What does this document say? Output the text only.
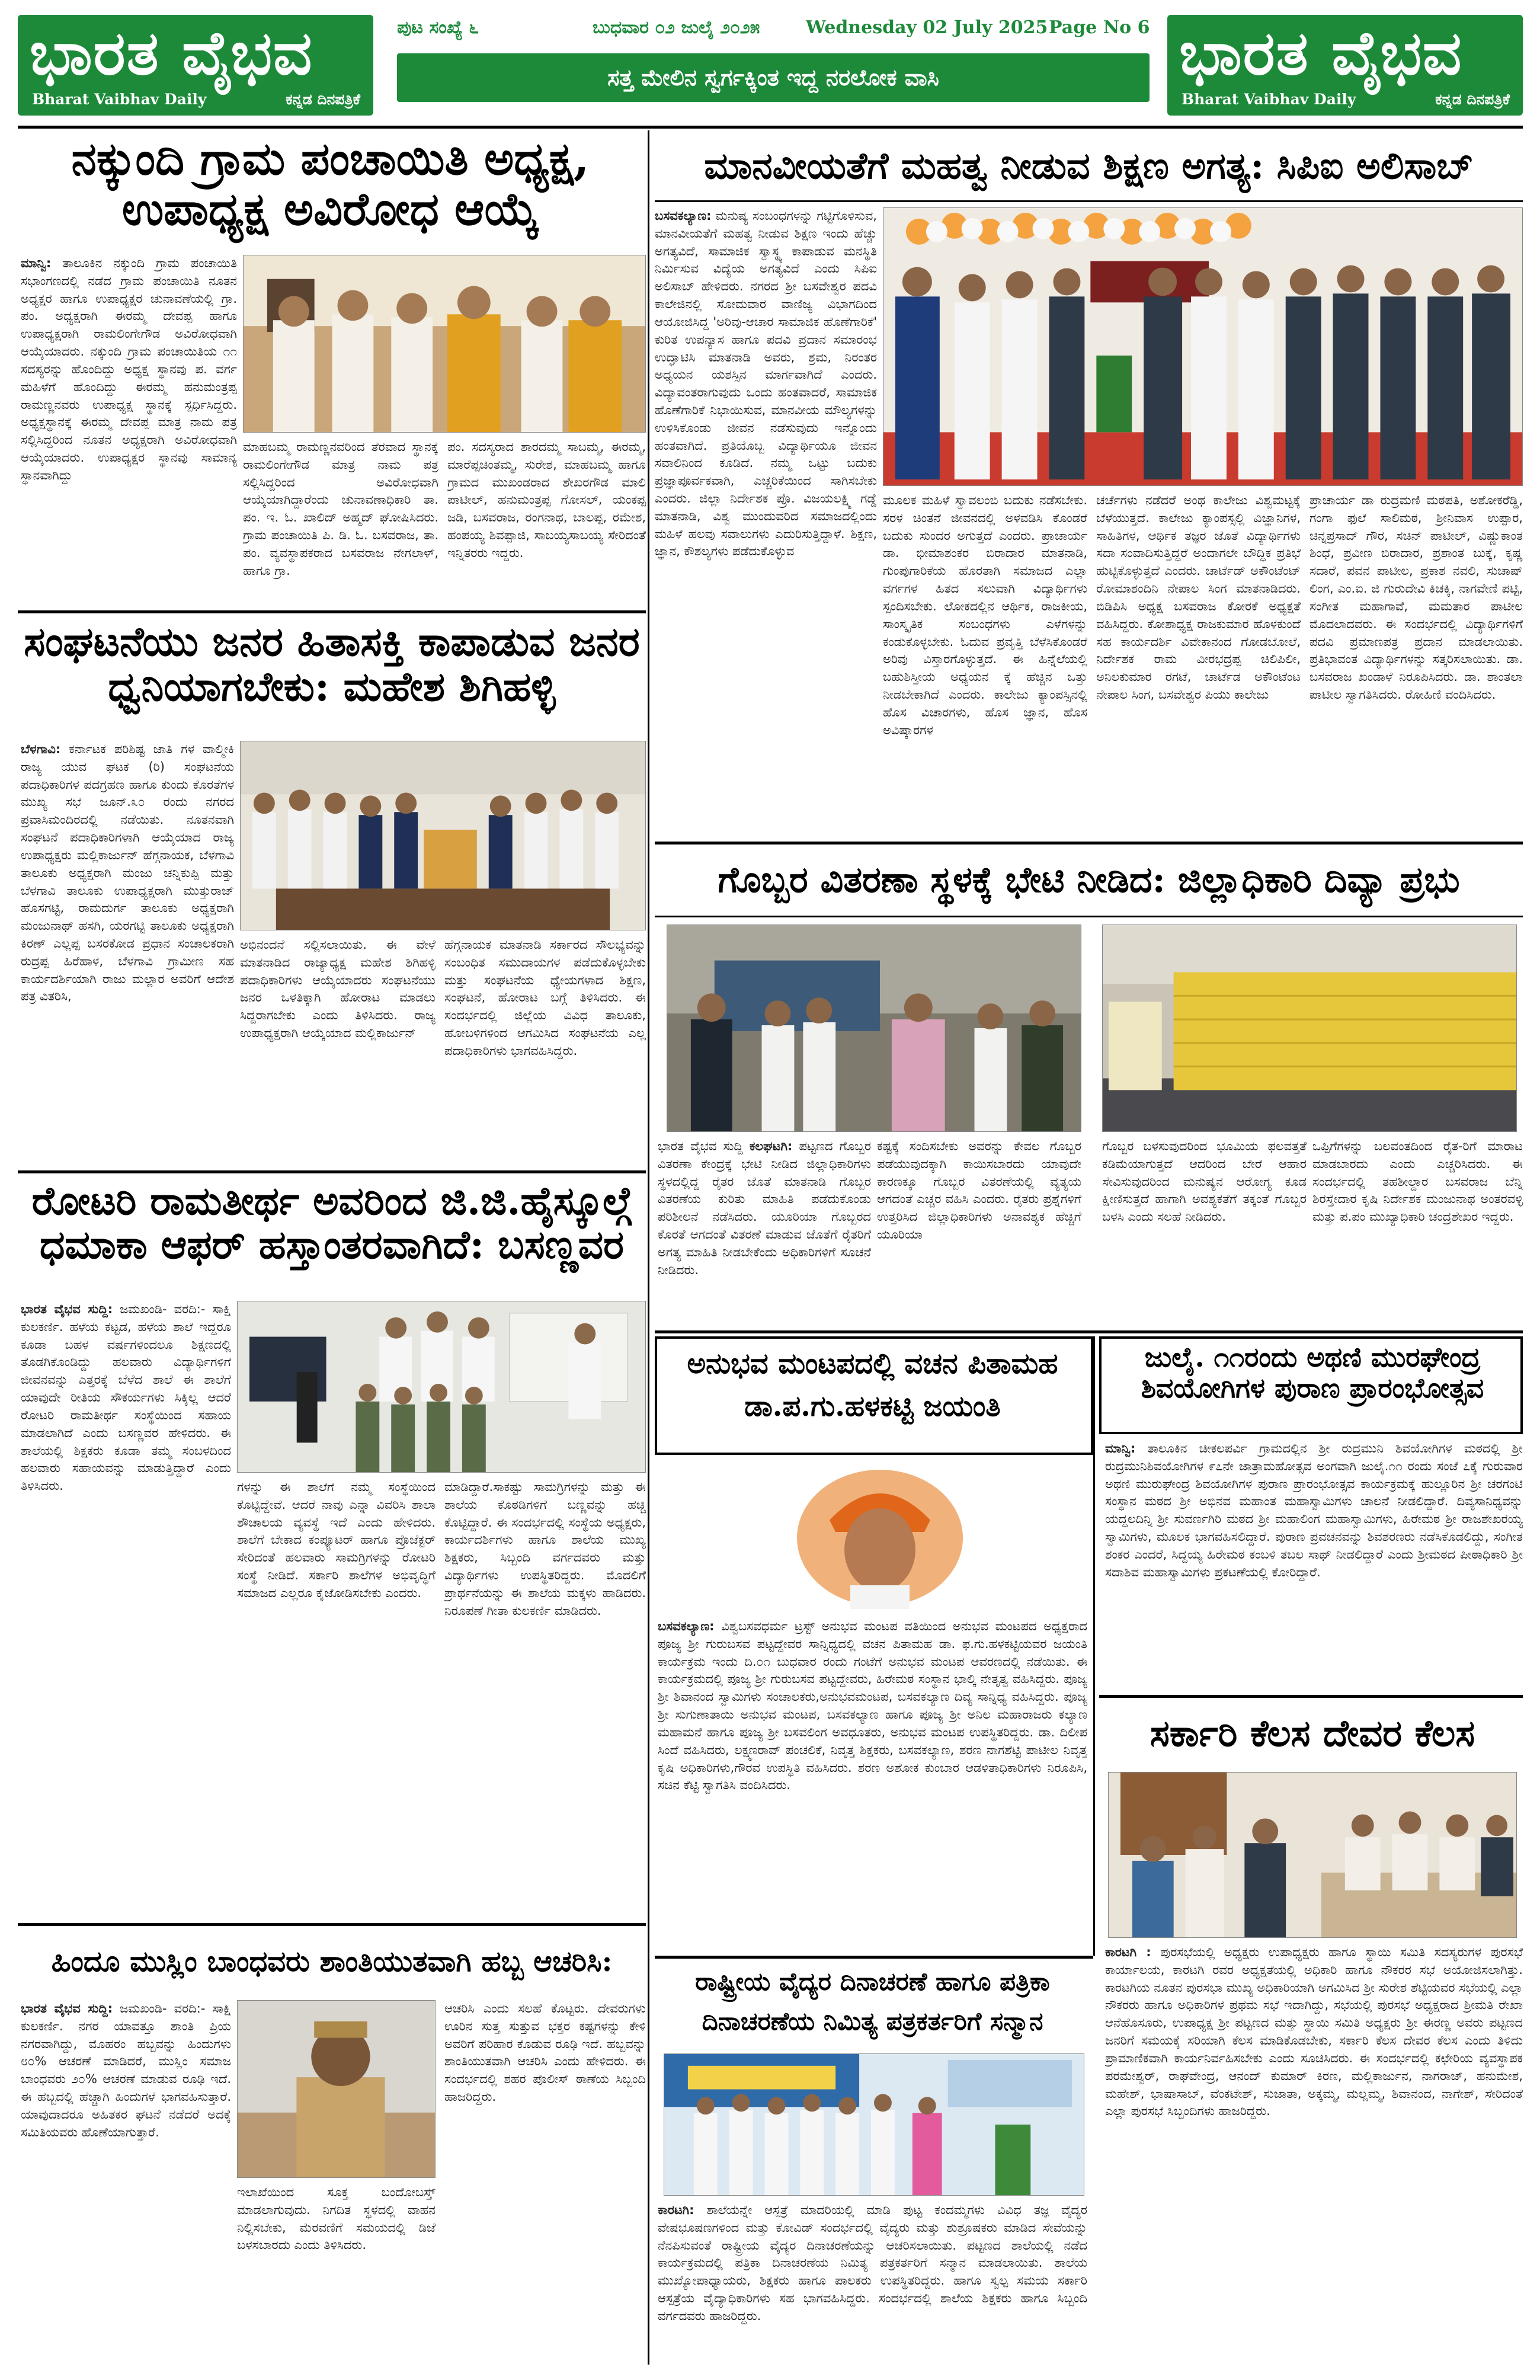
ಭಾರತ ವೈಭವ
Bharat Vaibhav Daily	ಕನ್ನಡ ದಿನಪತ್ರಿಕೆ
ಪುಟ ಸಂಖ್ಯೆ ೬	ಬುಧವಾರ ೦೨ ಜುಲೈ ೨೦೨೫	Wednesday 02 July 2025 Page No 6
ಸತ್ತ ಮೇಲಿನ ಸ್ವರ್ಗಕ್ಕಿಂತ ಇದ್ದ ನರಲೋಕ ವಾಸಿ	ಭಾರತ ವೈಭವ
Bharat Vaibhav Daily	ಕನ್ನಡ ದಿನಪತ್ರಿಕೆ
ನಕ್ಕುಂದಿ ಗ್ರಾಮ ಪಂಚಾಯಿತಿ ಅಧ್ಯಕ್ಷ, ಉಪಾಧ್ಯಕ್ಷ ಅವಿರೋಧ ಆಯ್ಕೆ
ಮಾನ್ವಿ: ತಾಲೂಕಿನ ನಕ್ಕುಂದಿ ಗ್ರಾಮ ಪಂಚಾಯಿತಿ ಸಭಾಂಗಣದಲ್ಲಿ ನಡೆದ ಗ್ರಾಮ ಪಂಚಾಯಿತಿ ನೂತನ ಅಧ್ಯಕ್ಷರ ಹಾಗೂ ಉಪಾಧ್ಯಕ್ಷರ ಚುನಾವಣೆಯಲ್ಲಿ ಗ್ರಾ. ಪಂ. ಅಧ್ಯಕ್ಷರಾಗಿ ಈರಮ್ಮ ದೇವಪ್ಪ ಹಾಗೂ ಉಪಾಧ್ಯಕ್ಷರಾಗಿ ರಾಮಲಿಂಗೇಗೌಡ ಅವಿರೋಧವಾಗಿ ಆಯ್ಕೆಯಾದರು. ನಕ್ಕುಂದಿ ಗ್ರಾಮ ಪಂಚಾಯಿತಿಯ ೧೧ ಸದಸ್ಯರನ್ನು ಹೊಂದಿದ್ದು ಅಧ್ಯಕ್ಷ ಸ್ಥಾನವು ಪ. ವರ್ಗ ಮಹಿಳೆಗೆ ಹೊಂದಿದ್ದು ಈರಮ್ಮ ಹನುಮಂತ್ರಪ್ಪ ರಾಮಣ್ಣನವರು ಉಪಾಧ್ಯಕ್ಷ ಸ್ಥಾನಕ್ಕೆ ಸ್ಪರ್ಧಿಸಿದ್ದರು. ಅಧ್ಯಕ್ಷಸ್ಥಾನಕ್ಕೆ ಈರಮ್ಮ ದೇವಪ್ಪ ಮಾತ್ರ ನಾಮ ಪತ್ರ ಸಲ್ಲಿಸಿದ್ದರಿಂದ ನೂತನ ಅಧ್ಯಕ್ಷರಾಗಿ ಅವಿರೋಧವಾಗಿ ಆಯ್ಕೆಯಾದರು. ಉಪಾಧ್ಯಕ್ಷರ ಸ್ಥಾನವು ಸಾಮಾನ್ಯ ಸ್ಥಾನವಾಗಿದ್ದು
ಮಾಹಬಮ್ಮ ರಾಮಣ್ಣನವರಿಂದ ತೆರವಾದ ಸ್ಥಾನಕ್ಕೆ ರಾಮಲಿಂಗೇಗೌಡ ಮಾತ್ರ ನಾಮ ಪತ್ರ ಸಲ್ಲಿಸಿದ್ದರಿಂದ ಅವಿರೋಧವಾಗಿ ಆಯ್ಕೆಯಾಗಿದ್ದಾರೆಂದು ಚುನಾವಣಾಧಿಕಾರಿ ತಾ. ಪಂ. ಇ. ಓ. ಖಾಲಿದ್ ಅಹ್ಮದ್ ಘೋಷಿಸಿದರು. ಗ್ರಾಮ ಪಂಚಾಯಿತಿ ಪಿ. ಡಿ. ಓ. ಬಸವರಾಜ, ತಾ. ಪಂ. ವ್ಯವಸ್ಥಾಪಕರಾದ ಬಸವರಾಜ ನೇಗಲಾಳ್, ಹಾಗೂ ಗ್ರಾ.
ಪಂ. ಸದಸ್ಯರಾದ ಶಾರದಮ್ಮ ಸಾಬಮ್ಮ, ಈರಮ್ಮ, ಮಾರೆಪ್ಪಚಿಂತಮ್ಮ, ಸುರೇಶ, ಮಾಹಬಮ್ಮ ಹಾಗೂ ಗ್ರಾಮದ ಮುಖಂಡರಾದ ಶೇಖರಗೌಡ ಮಾಲಿ ಪಾಟೀಲ್, ಹನುಮಂತ್ರಪ್ಪ ಗೋಸಲ್, ಯಂಕಪ್ಪ ಜಡಿ, ಬಸವರಾಜ, ರಂಗನಾಥ, ಬಾಲಪ್ಪ, ರಮೇಶ, ಹಂಪಯ್ಯ ಶಿವಪ್ಪಾಜಿ, ಸಾಬಯ್ಯಸಾಬಯ್ಯ ಸೇರಿದಂತೆ ಇನ್ನಿತರರು ಇದ್ದರು.
ಸಂಘಟನೆಯು ಜನರ ಹಿತಾಸಕ್ತಿ ಕಾಪಾಡುವ ಜನರ ಧ್ವನಿಯಾಗಬೇಕು: ಮಹೇಶ ಶಿಗಿಹಳ್ಳಿ
ಬೆಳಗಾವಿ: ಕರ್ನಾಟಕ ಪರಿಶಿಷ್ಟ ಜಾತಿ ಗಳ ವಾಲ್ಮೀಕಿ ರಾಜ್ಯ ಯುವ ಘಟಕ (ರಿ) ಸಂಘಟನೆಯ ಪದಾಧಿಕಾರಿಗಳ ಪದಗ್ರಹಣ ಹಾಗೂ ಕುಂದು ಕೊರತೆಗಳ ಮುಖ್ಯ ಸಭೆ ಜೂನ್.೩೦ ರಂದು ನಗರದ ಪ್ರವಾಸಿಮಂದಿರದಲ್ಲಿ ನಡೆಯಿತು. ನೂತನವಾಗಿ ಸಂಘಟನೆ ಪದಾಧಿಕಾರಿಗಳಾಗಿ ಆಯ್ಕೆಯಾದ ರಾಜ್ಯ ಉಪಾಧ್ಯಕ್ಷರು ಮಲ್ಲಿಕಾರ್ಜುನ್ ಹೆಗ್ಗನಾಯಕ, ಬೆಳಗಾವಿ ತಾಲೂಕು ಅಧ್ಯಕ್ಷರಾಗಿ ಮಂಜು ಚನ್ನಿಕುಪ್ಪಿ ಮತ್ತು ಬೆಳಗಾವಿ ತಾಲೂಕು ಉಪಾಧ್ಯಕ್ಷರಾಗಿ ಮುತ್ತುರಾಜ್ ಹೊಸಗಟ್ಟಿ, ರಾಮದುರ್ಗ ತಾಲೂಕು ಅಧ್ಯಕ್ಷರಾಗಿ ಮಂಜುನಾಥ್ ಹಸಗಿ, ಯರಗಟ್ಟಿ ತಾಲೂಕು ಅಧ್ಯಕ್ಷರಾಗಿ ಕಿರಣ್ ಎಲ್ಲಪ್ಪ ಬಸರಕೋಡ ಪ್ರಧಾನ ಸಂಚಾಲಕರಾಗಿ ರುದ್ರಪ್ಪ ಹಿರೆಹಾಳ, ಬೆಳಗಾವಿ ಗ್ರಾಮೀಣ ಸಹ ಕಾರ್ಯದರ್ಶಿಯಾಗಿ ರಾಜು ಮಲ್ಲಾರ ಅವರಿಗೆ ಆದೇಶ ಪತ್ರ ವಿತರಿಸಿ,
ಅಭಿನಂದನೆ ಸಲ್ಲಿಸಲಾಯಿತು. ಈ ವೇಳೆ ಮಾತನಾಡಿದ ರಾಜ್ಯಾಧ್ಯಕ್ಷ ಮಹೇಶ ಶಿಗಿಹಳ್ಳಿ ಪದಾಧಿಕಾರಿಗಳು ಆಯ್ಕೆಯಾದರು ಸಂಘಟನೆಯು ಜನರ ಒಳತಿಕ್ಕಾಗಿ ಹೋರಾಟ ಮಾಡಲು ಸಿದ್ದರಾಗಬೇಕು ಎಂದು ತಿಳಿಸಿದರು. ರಾಜ್ಯ ಉಪಾಧ್ಯಕ್ಷರಾಗಿ ಆಯ್ಕೆಯಾದ ಮಲ್ಲಿಕಾರ್ಜುನ್
ಹೆಗ್ಗನಾಯಕ ಮಾತನಾಡಿ ಸರ್ಕಾರದ ಸೌಲಭ್ಯವನ್ನು ಸಂಬಂಧಿತ ಸಮುದಾಯಗಳ ಪಡೆದುಕೊಳ್ಳಬೇಕು ಮತ್ತು ಸಂಘಟನೆಯ ಧ್ಯೇಯಗಳಾದ ಶಿಕ್ಷಣ, ಸಂಘಟನೆ, ಹೋರಾಟ ಬಗ್ಗೆ ತಿಳಿಸಿದರು. ಈ ಸಂದರ್ಭದಲ್ಲಿ ಜಿಲ್ಲೆಯ ವಿವಿಧ ತಾಲೂಕು, ಹೋಬಳಿಗಳಿಂದ ಆಗಮಿಸಿದ ಸಂಘಟನೆಯ ಎಲ್ಲ ಪದಾಧಿಕಾರಿಗಳು ಭಾಗವಹಿಸಿದ್ದರು.
ರೋಟರಿ ರಾಮತೀರ್ಥ ಅವರಿಂದ ಜಿ.ಜಿ.ಹೈಸ್ಕೂಲ್ಗೆ ಧಮಾಕಾ ಆಫರ್ ಹಸ್ತಾಂತರವಾಗಿದೆ: ಬಸಣ್ಣವರ
ಭಾರತ ವೈಭವ ಸುದ್ದಿ: ಜಮಖಂಡಿ- ವರದಿ:- ಸಾಕ್ಷಿ ಕುಲಕರ್ಣಿ. ಹಳೆಯ ಕಟ್ಟಡ, ಹಳೆಯ ಶಾಲೆ ಇದ್ದರೂ ಕೂಡಾ ಬಹಳ ವರ್ಷಗಳಿಂದಲೂ ಶಿಕ್ಷಣದಲ್ಲಿ ತೊಡಗಿಕೊಂಡಿದ್ದು ಹಲವಾರು ವಿದ್ಯಾರ್ಥಿಗಳಿಗೆ ಜೀವನವನ್ನು ಎತ್ತರಕ್ಕೆ ಬೆಳೆದ ಶಾಲೆ ಈ ಶಾಲೆಗೆ ಯಾವುದೇ ರೀತಿಯ ಸೌಕರ್ಯಗಳು ಸಿಕ್ಕಿಲ್ಲ ಆದರೆ ರೋಟರಿ ರಾಮತೀರ್ಥ ಸಂಸ್ಥೆಯಿಂದ ಸಹಾಯ ಮಾಡಲಾಗಿದೆ ಎಂದು ಬಸಣ್ಣವರ ಹೇಳಿದರು. ಈ ಶಾಲೆಯಲ್ಲಿ ಶಿಕ್ಷಕರು ಕೂಡಾ ತಮ್ಮ ಸಂಬಳದಿಂದ ಹಲವಾರು ಸಹಾಯವನ್ನು ಮಾಡುತ್ತಿದ್ದಾರೆ ಎಂದು ತಿಳಿಸಿದರು.	ಗಳನ್ನು ಈ ಶಾಲೆಗೆ ನಮ್ಮ ಸಂಸ್ಥೆಯಿಂದ ಕೊಟ್ಟಿದ್ದೇವೆ. ಆದರೆ ನಾವು ಎನ್ನಾ ವಿವರಿಸಿ ಶಾಲಾ ಶೌಚಾಲಯ ವ್ಯವಸ್ಥೆ ಇದೆ ಎಂದು ಹೇಳಿದರು. ಶಾಲೆಗೆ ಬೇಕಾದ ಕಂಪ್ಯೂಟರ್ ಹಾಗೂ ಪ್ರೊಜೆಕ್ಟರ್ ಸೇರಿದಂತೆ ಹಲವಾರು ಸಾಮಗ್ರಿಗಳನ್ನು ರೋಟರಿ ಸಂಸ್ಥೆ ನೀಡಿದೆ. ಸರ್ಕಾರಿ ಶಾಲೆಗಳ ಅಭಿವೃದ್ಧಿಗೆ ಸಮಾಜದ ಎಲ್ಲರೂ ಕೈಜೋಡಿಸಬೇಕು ಎಂದರು.
ಮಾಡಿದ್ದಾರೆ.ಸಾಕಷ್ಟು ಸಾಮಗ್ರಿಗಳನ್ನು ಮತ್ತು ಈ ಶಾಲೆಯ ಕೊಠಡಿಗಳಿಗೆ ಬಣ್ಣವನ್ನು ಹಚ್ಚಿ ಕೊಟ್ಟಿದ್ದಾರೆ. ಈ ಸಂದರ್ಭದಲ್ಲಿ ಸಂಸ್ಥೆಯ ಅಧ್ಯಕ್ಷರು, ಕಾರ್ಯದರ್ಶಿಗಳು ಹಾಗೂ ಶಾಲೆಯ ಮುಖ್ಯ ಶಿಕ್ಷಕರು, ಸಿಬ್ಬಂದಿ ವರ್ಗದವರು ಮತ್ತು ವಿದ್ಯಾರ್ಥಿಗಳು ಉಪಸ್ಥಿತರಿದ್ದರು. ಮೊದಲಿಗೆ ಪ್ರಾರ್ಥನೆಯನ್ನು ಈ ಶಾಲೆಯ ಮಕ್ಕಳು ಹಾಡಿದರು. ನಿರೂಪಣೆ ಗೀತಾ ಕುಲಕರ್ಣಿ ಮಾಡಿದರು.
ಹಿಂದೂ ಮುಸ್ಲಿಂ ಬಾಂಧವರು ಶಾಂತಿಯುತವಾಗಿ ಹಬ್ಬ ಆಚರಿಸಿ:
ಭಾರತ ವೈಭವ ಸುದ್ದಿ: ಜಮಖಂಡಿ- ವರದಿ:- ಸಾಕ್ಷಿ ಕುಲಕರ್ಣಿ. ನಗರ ಯಾವತ್ತೂ ಶಾಂತಿ ಪ್ರಿಯ ನಗರವಾಗಿದ್ದು, ಮೊಹರಂ ಹಬ್ಬವನ್ನು ಹಿಂದುಗಳು ೮೦% ಆಚರಣೆ ಮಾಡಿದರೆ, ಮುಸ್ಲಿಂ ಸಮಾಜ ಬಾಂಧವರು ೨೦% ಆಚರಣೆ ಮಾಡುವ ರೂಢಿ ಇದೆ. ಈ ಹಬ್ಬದಲ್ಲಿ ಹೆಚ್ಚಾಗಿ ಹಿಂದುಗಳೆ ಭಾಗವಹಿಸುತ್ತಾರೆ. ಯಾವುದಾದರೂ ಅಹಿತಕರ ಘಟನೆ ನಡೆದರೆ ಅದಕ್ಕೆ ಸಮಿತಿಯವರು ಹೊಣೆಯಾಗುತ್ತಾರೆ.
ಇಲಾಖೆಯಿಂದ ಸೂಕ್ತ ಬಂದೋಬಸ್ತ್ ಮಾಡಲಾಗುವುದು. ನಿಗದಿತ ಸ್ಥಳದಲ್ಲಿ ವಾಹನ ನಿಲ್ಲಿಸಬೇಕು, ಮೆರವಣಿಗೆ ಸಮಯದಲ್ಲಿ ಡಿಜೆ ಬಳಸಬಾರದು ಎಂದು ತಿಳಿಸಿದರು.
ಆಚರಿಸಿ ಎಂದು ಸಲಹೆ ಕೊಟ್ಟರು. ದೇವರುಗಳು ಊರಿನ ಸುತ್ತ ಸುತ್ತುವ ಭಕ್ತರ ಕಷ್ಟಗಳನ್ನು ಕೇಳಿ ಅವರಿಗೆ ಪರಿಹಾರ ಕೊಡುವ ರೂಢಿ ಇದೆ. ಹಬ್ಬವನ್ನು ಶಾಂತಿಯುತವಾಗಿ ಆಚರಿಸಿ ಎಂದು ಹೇಳಿದರು. ಈ ಸಂದರ್ಭದಲ್ಲಿ ಶಹರ ಪೊಲೀಸ್ ಠಾಣೆಯ ಸಿಬ್ಬಂದಿ ಹಾಜರಿದ್ದರು.
ಮಾನವೀಯತೆಗೆ ಮಹತ್ವ ನೀಡುವ ಶಿಕ್ಷಣ ಅಗತ್ಯ: ಸಿಪಿಐ ಅಲಿಸಾಬ್
ಬಸವಕಲ್ಯಾಣ: ಮನುಷ್ಯ ಸಂಬಂಧಗಳನ್ನು ಗಟ್ಟಿಗೊಳಿಸುವ, ಮಾನವೀಯತೆಗೆ ಮಹತ್ವ ನೀಡುವ ಶಿಕ್ಷಣ ಇಂದು ಹೆಚ್ಚು ಅಗತ್ಯವಿದೆ, ಸಾಮಾಜಿಕ ಸ್ವಾಸ್ಥ್ಯ ಕಾಪಾಡುವ ಮನಸ್ಥಿತಿ ನಿರ್ಮಿಸುವ ವಿದ್ಯೆಯ ಅಗತ್ಯವಿದೆ ಎಂದು ಸಿಪಿಐ ಅಲಿಸಾಬ್ ಹೇಳಿದರು. ನಗರದ ಶ್ರೀ ಬಸವೇಶ್ವರ ಪದವಿ ಕಾಲೇಜಿನಲ್ಲಿ ಸೋಮವಾರ ವಾಣಿಜ್ಯ ವಿಭಾಗದಿಂದ ಆಯೋಜಿಸಿದ್ದ 'ಅರಿವು-ಆಚಾರ ಸಾಮಾಜಿಕ ಹೊಣೆಗಾರಿಕೆ' ಕುರಿತ ಉಪನ್ಯಾಸ ಹಾಗೂ ಪದವಿ ಪ್ರದಾನ ಸಮಾರಂಭ ಉದ್ಘಾಟಿಸಿ ಮಾತನಾಡಿ ಅವರು, ಶ್ರಮ, ನಿರಂತರ ಅಧ್ಯಯನ ಯಶಸ್ಸಿನ ಮಾರ್ಗವಾಗಿದೆ ಎಂದರು. ವಿದ್ಯಾವಂತರಾಗುವುದು ಒಂದು ಹಂತವಾದರೆ, ಸಾಮಾಜಿಕ ಹೊಣೆಗಾರಿಕೆ ನಿಭಾಯಿಸುವ, ಮಾನವೀಯ ಮೌಲ್ಯಗಳನ್ನು ಉಳಿಸಿಕೊಂಡು ಜೀವನ ನಡೆಸುವುದು ಇನ್ನೊಂದು ಹಂತವಾಗಿದೆ. ಪ್ರತಿಯೊಬ್ಬ ವಿದ್ಯಾರ್ಥಿಯೂ ಜೀವನ ಸವಾಲಿನಿಂದ ಕೂಡಿದೆ. ನಮ್ಮ ಒಟ್ಟು ಬದುಕು ಪ್ರಜ್ಞಾಪೂರ್ವಕವಾಗಿ, ಎಚ್ಚರಿಕೆಯಿಂದ ಸಾಗಿಸಬೇಕು ಎಂದರು. ಜಿಲ್ಲಾ ನಿರ್ದೇಶಕ ಪ್ರೊ. ವಿಜಯಲಕ್ಷ್ಮಿ ಗಡ್ಡೆ ಮಾತನಾಡಿ, ವಿಶ್ವ ಮುಂದುವರಿದ ಸಮಾಜದಲ್ಲಿಂದು ಮಹಿಳೆ ಹಲವು ಸವಾಲುಗಳು ಎದುರಿಸುತ್ತಿದ್ದಾಳೆ. ಶಿಕ್ಷಣ, ಜ್ಞಾನ, ಕೌಶಲ್ಯಗಳು ಪಡೆದುಕೊಳ್ಳುವ
ಮೂಲಕ ಮಹಿಳೆ ಸ್ವಾವಲಂಬಿ ಬದುಕು ನಡೆಸಬೇಕು. ಸರಳ ಚಿಂತನೆ ಜೀವನದಲ್ಲಿ ಅಳವಡಿಸಿ ಕೊಂಡರೆ ಬದುಕು ಸುಂದರ ಅಗುತ್ತದೆ ಎಂದರು. ಪ್ರಾಚಾರ್ಯ ಡಾ. ಭೀಮಾಶಂಕರ ಬಿರಾದಾರ ಮಾತನಾಡಿ, ಗುಂಪುಗಾರಿಕೆಯ ಹೊರತಾಗಿ ಸಮಾಜದ ಎಲ್ಲಾ ವರ್ಗಗಳ ಹಿತದ ಸಲುವಾಗಿ ವಿದ್ಯಾರ್ಥಿಗಳು ಸ್ಪಂದಿಸಬೇಕು. ಲೋಕದಲ್ಲಿನ ಆರ್ಥಿಕ, ರಾಜಕೀಯ, ಸಾಂಸ್ಕೃತಿಕ ಸಂಬಂಧಗಳು ಎಳೆಗಳನ್ನು ಕಂಡುಕೊಳ್ಳಬೇಕು. ಓದುವ ಪ್ರವೃತ್ತಿ ಬೆಳೆಸಿಕೊಂಡರೆ ಅರಿವು ವಿಸ್ತಾರಗೊಳ್ಳುತ್ತದೆ. ಈ ಹಿನ್ನೆಲೆಯಲ್ಲಿ ಬಹುಶಿಸ್ತೀಯ ಅಧ್ಯಯನ ಕ್ಕೆ ಹೆಚ್ಚಿನ ಒತ್ತು ನೀಡಬೇಕಾಗಿದೆ ಎಂದರು. ಕಾಲೇಜು ಕ್ಯಾಂಪಸ್ಸಿನಲ್ಲಿ ಹೊಸ ವಿಚಾರಗಳು, ಹೊಸ ಜ್ಞಾನ, ಹೊಸ ಅವಿಷ್ಕಾರಗಳ
ಚರ್ಚೆಗಳು ನಡೆದರೆ ಅಂಥ ಕಾಲೇಜು ವಿಶ್ವಮಟ್ಟಕ್ಕೆ ಬೆಳೆಯುತ್ತದೆ. ಕಾಲೇಜು ಕ್ಯಾಂಪಸ್ಸಲ್ಲಿ ವಿಜ್ಞಾನಿಗಳ, ಸಾಹಿತಿಗಳ, ಆರ್ಥಿಕ ತಜ್ಞರ ಜೊತೆ ವಿದ್ಯಾರ್ಥಿಗಳು ಸದಾ ಸಂವಾದಿಸುತ್ತಿದ್ದರೆ ಅಂದಾಗಲೇ ಬೌದ್ಧಿಕ ಪ್ರತಿಭೆ ಹುಟ್ಟಿಕೊಳ್ಳುತ್ತದೆ ಎಂದರು. ಚಾರ್ಟೆಡ್ ಅಕೌಂಟೆಂಟ್ ರೋಮಾಶಂದಿನಿ ನೇಪಾಲ ಸಿಂಗ ಮಾತನಾಡಿದರು. ಬಿಡಿಪಿಸಿ ಅಧ್ಯಕ್ಷ ಬಸವರಾಜ ಕೋರಕೆ ಅಧ್ಯಕ್ಷತೆ ವಹಿಸಿದ್ದರು. ಕೋಶಾಧ್ಯಕ್ಷ ರಾಜಕುಮಾರ ಹೊಳಕುಂದೆ ಸಹ ಕಾರ್ಯದರ್ಶಿ ವಿವೇಕಾನಂದ ಗೋಡಬೋಲೆ, ನಿರ್ದೇಶಕ ರಾಮ ವೀರಭದ್ರಪ್ಪ ಚಿಲಿಪಿಲೀ, ಅನಿಲಕುಮಾರ ರಗಟೆ, ಚಾರ್ಟೆಡ ಅಕೌಂಟೆಂಟ ನೇಪಾಲ ಸಿಂಗ, ಬಸವೇಶ್ವರ ಪಿಯು ಕಾಲೇಜು
ಪ್ರಾಚಾರ್ಯ ಡಾ ರುದ್ರಮಣಿ ಮಠಪತಿ, ಅಶೋಕರೆಡ್ಡಿ, ಗಂಗಾ ಫುಲೆ ಸಾಲಿಮಠ, ಶ್ರೀನಿವಾಸ ಉಪ್ಪಾರ, ಚಿನ್ನಪ್ರಸಾದ್ ಗೌರ, ಸಚಿನ್ ಪಾಟೀಲ್, ವಿಷ್ಣುಕಾಂತ ಶಿಂಧೆ, ಪ್ರವೀಣ ಬಿರಾದಾರ, ಪ್ರಶಾಂತ ಬುಕ್ಕೆ, ಕೃಷ್ಣ ಸದಾರೆ, ಪವನ ಪಾಟೀಲ, ಪ್ರಕಾಶ ನವಲಿ, ಸುಚಾಷ್ ಲಿಂಗ, ಎಂ.ಐ. ಜಿ ಗುರುದೇವಿ ಕಿಚಕ್ಕಿ, ನಾಗವೇಣಿ ಪಟ್ಟಿ, ಸಂಗೀತ ಮಹಾಗಾವೆ, ಮಮತಾರ ಪಾಟೀಲ ಮೊದಲಾದವರು. ಈ ಸಂದರ್ಭದಲ್ಲಿ ವಿದ್ಯಾರ್ಥಿಗಳಿಗೆ ಪದವಿ ಪ್ರಮಾಣಪತ್ರ ಪ್ರದಾನ ಮಾಡಲಾಯಿತು. ಪ್ರತಿಭಾವಂತ ವಿದ್ಯಾರ್ಥಿಗಳನ್ನು ಸತ್ಕರಿಸಲಾಯಿತು. ಡಾ. ಬಸವರಾಜ ಖಂಡಾಳೆ ನಿರೂಪಿಸಿದರು. ಡಾ. ಶಾಂತಲಾ ಪಾಟೀಲ ಸ್ವಾಗತಿಸಿದರು. ರೋಹಿಣಿ ವಂದಿಸಿದರು.
ಗೊಬ್ಬರ ವಿತರಣಾ ಸ್ಥಳಕ್ಕೆ ಭೇಟಿ ನೀಡಿದ: ಜಿಲ್ಲಾಧಿಕಾರಿ ದಿವ್ಯಾ ಪ್ರಭು
ಭಾರತ ವೈಭವ ಸುದ್ದಿ ಕಲಘಟಗಿ: ಪಟ್ಟಣದ ಗೊಬ್ಬರ ವಿತರಣಾ ಕೇಂದ್ರಕ್ಕೆ ಭೇಟಿ ನೀಡಿದ ಜಿಲ್ಲಾಧಿಕಾರಿಗಳು ಸ್ಥಳದಲ್ಲಿದ್ದ ರೈತರ ಜೊತೆ ಮಾತನಾಡಿ ಗೊಬ್ಬರ ವಿತರಣೆಯ ಕುರಿತು ಮಾಹಿತಿ ಪಡೆದುಕೊಂಡು ಪರಿಶೀಲನೆ ನಡೆಸಿದರು. ಯೂರಿಯಾ ಗೊಬ್ಬರದ ಕೊರತೆ ಆಗದಂತೆ ವಿತರಣೆ ಮಾಡುವ ಜೊತೆಗೆ ರೈತರಿಗೆ ಅಗತ್ಯ ಮಾಹಿತಿ ನೀಡಬೇಕೆಂದು ಅಧಿಕಾರಿಗಳಿಗೆ ಸೂಚನೆ ನೀಡಿದರು.
ಕಷ್ಟಕ್ಕೆ ಸಂದಿಸಬೇಕು ಅವರನ್ನು ಕೇವಲ ಗೊಬ್ಬರ ಪಡೆಯುವುದಕ್ಕಾಗಿ ಕಾಯಿಸಬಾರದು ಯಾವುದೇ ಕಾರಣಕ್ಕೂ ಗೊಬ್ಬರ ವಿತರಣೆಯಲ್ಲಿ ವ್ಯತ್ಯಯ ಆಗದಂತೆ ಎಚ್ಚರ ವಹಿಸಿ ಎಂದರು. ರೈತರು ಪ್ರಶ್ನೆಗಳಿಗೆ ಉತ್ತರಿಸಿದ ಜಿಲ್ಲಾಧಿಕಾರಿಗಳು ಅನಾವಶ್ಯಕ ಹೆಚ್ಚಿಗೆ ಯೂರಿಯಾ
ಗೊಬ್ಬರ ಬಳಸುವುದರಿಂದ ಭೂಮಿಯ ಫಲವತ್ತತೆ ಕಡಿಮೆಯಾಗುತ್ತದೆ ಆದರಿಂದ ಬೇರೆ ಆಹಾರ ಸೇವಿಸುವುದರಿಂದ ಮನುಷ್ಯನ ಆರೋಗ್ಯ ಕೂಡ ಕ್ಷೀಣಿಸುತ್ತದೆ ಹಾಗಾಗಿ ಅವಶ್ಯಕತೆಗೆ ತಕ್ಕಂತೆ ಗೊಬ್ಬರ ಬಳಸಿ ಎಂದು ಸಲಹೆ ನೀಡಿದರು.
ಒಪ್ಪಿಗೆಗಳನ್ನು ಬಲವಂತದಿಂದ ರೈತ-ರಿಗೆ ಮಾರಾಟ ಮಾಡಬಾರದು ಎಂದು ಎಚ್ಚರಿಸಿದರು. ಈ ಸಂದರ್ಭದಲ್ಲಿ ತಹಶೀಲ್ದಾರ ಬಸವರಾಜ ಬೆನ್ನಿ ಶಿರಸ್ತೇದಾರ ಕೃಷಿ ನಿರ್ದೇಶಕ ಮಂಜುನಾಥ ಅಂತರವಳ್ಳಿ ಮತ್ತು ಪ.ಪಂ ಮುಖ್ಯಾಧಿಕಾರಿ ಚಂದ್ರಶೇಖರ ಇದ್ದರು.
ಅನುಭವ ಮಂಟಪದಲ್ಲಿ ವಚನ ಪಿತಾಮಹ ಡಾ.ಪ.ಗು.ಹಳಕಟ್ಟಿ ಜಯಂತಿ
ಬಸವಕಲ್ಯಾಣ: ವಿಶ್ವಬಸವಧರ್ಮ ಟ್ರಸ್ಟ್ ಅನುಭವ ಮಂಟಪ ವತಿಯಿಂದ ಅನುಭವ ಮಂಟಪದ ಅಧ್ಯಕ್ಷರಾದ ಪೂಜ್ಯ ಶ್ರೀ ಗುರುಬಸವ ಪಟ್ಟದ್ದೇವರ ಸಾನ್ನಿಧ್ಯದಲ್ಲಿ ವಚನ ಪಿತಾಮಹ ಡಾ. ಫ.ಗು.ಹಳಕಟ್ಟಿಯವರ ಜಯಂತಿ ಕಾರ್ಯಕ್ರಮ ಇಂದು ದಿ.೦೧ ಬುಧವಾರ ರಂದು ಗಂಟೆಗೆ ಅನುಭವ ಮಂಟಪ ಆವರಣದಲ್ಲಿ ನಡೆಯಿತು. ಈ ಕಾರ್ಯಕ್ರಮದಲ್ಲಿ ಪೂಜ್ಯ ಶ್ರೀ ಗುರುಬಸವ ಪಟ್ಟದ್ದೇವರು, ಹಿರೇಮಠ ಸಂಸ್ಥಾನ ಭಾಲ್ಕಿ ನೇತೃತ್ವ ವಹಿಸಿದ್ದರು. ಪೂಜ್ಯ ಶ್ರೀ ಶಿವಾನಂದ ಸ್ವಾಮಿಗಳು ಸಂಚಾಲಕರು,ಅನುಭವಮಂಟಪ, ಬಸವಕಲ್ಯಾಣ ದಿವ್ಯ ಸಾನ್ನಿಧ್ಯ ವಹಿಸಿದ್ದರು. ಪೂಜ್ಯ ಶ್ರೀ ಸುಗುಣಾತಾಯಿ ಅನುಭವ ಮಂಟಪ, ಬಸವಕಲ್ಯಾಣ ಹಾಗೂ ಪೂಜ್ಯ ಶ್ರೀ ಅನಿಲ ಮಹಾರಾಜರು ಕಲ್ಯಾಣ ಮಹಾಮನೆ ಹಾಗೂ ಪೂಜ್ಯ ಶ್ರೀ ಬಸವಲಿಂಗ ಅವಧೂತರು, ಅನುಭವ ಮಂಟಪ ಉಪಸ್ಥಿತರಿದ್ದರು. ಡಾ. ದಿಲೀಪ ಸಿಂದೆ ವಹಿಸಿದರು, ಲಕ್ಷ್ಮಣರಾವ್ ಪಂಚಲಿಕೆ, ನಿವೃತ್ತ ಶಿಕ್ಷಕರು, ಬಸವಕಲ್ಯಾಣ, ಶರಣ ನಾಗಶೆಟ್ಟಿ ಪಾಟೀಲ ನಿವೃತ್ತ ಕೃಷಿ ಅಧಿಕಾರಿಗಳು,ಗೌರವ ಉಪಸ್ಥಿತಿ ವಹಿಸಿದರು. ಶರಣ ಅಶೋಕ ಕುಂಬಾರ ಆಡಳಿತಾಧಿಕಾರಿಗಳು ನಿರೂಪಿಸಿ, ಸಚಿನ ಕೆಟ್ಟಿ ಸ್ವಾಗತಿಸಿ ವಂದಿಸಿದರು.
ಜುಲೈ. ೧೧ರಂದು ಅಥಣಿ ಮುರಘೇಂದ್ರ ಶಿವಯೋಗಿಗಳ ಪುರಾಣ ಪ್ರಾರಂಭೋತ್ಸವ
ಮಾನ್ವಿ: ತಾಲೂಕಿನ ಚೀಕಲಪರ್ವಿ ಗ್ರಾಮದಲ್ಲಿನ ಶ್ರೀ ರುದ್ರಮುನಿ ಶಿವಯೋಗಿಗಳ ಮಠದಲ್ಲಿ ಶ್ರೀ ರುದ್ರಮುನಿಶಿವಯೋಗಿಗಳ ೯೭ನೇ ಜಾತ್ರಾಮಹೋತ್ಸವ ಅಂಗವಾಗಿ ಜುಲೈ.೧೧ ರಂದು ಸಂಜೆ ೭ಕ್ಕೆ ಗುರುವಾರ ಅಥಣಿ ಮುರುಘೇಂದ್ರ ಶಿವಯೋಗಿಗಳ ಪುರಾಣ ಪ್ರಾರಂಭೋತ್ಸವ ಕಾರ್ಯಕ್ರಮಕ್ಕೆ ಹುಲ್ಲೂರಿನ ಶ್ರೀ ಚರಗಂಟಿ ಸಂಸ್ಥಾನ ಮಠದ ಶ್ರೀ ಅಭಿನವ ಮಹಾಂತ ಮಹಾಸ್ವಾಮಿಗಳು ಚಾಲನೆ ನೀಡಲಿದ್ದಾರೆ. ದಿವ್ಯಸಾನಿಧ್ಯವನ್ನು ಯದ್ದಲದಿನ್ನಿ ಶ್ರೀ ಸುವರ್ಣಗಿರಿ ಮಠದ ಶ್ರೀ ಮಹಾಲಿಂಗ ಮಹಾಸ್ವಾಮಿಗಳು, ಹಿರೇಮಠ ಶ್ರೀ ರಾಜಶೇಖರಯ್ಯ ಸ್ವಾಮಿಗಳು, ಮೂಲಕ ಭಾಗವಹಿಸಲಿದ್ದಾರೆ. ಪುರಾಣ ಪ್ರವಚನವನ್ನು ಶಿವಶರಣರು ನಡೆಸಿಕೊಡಲಿದ್ದು, ಸಂಗೀತ ಶಂಕರ ಎಂದರೆ, ಸಿದ್ದಯ್ಯ ಹಿರೇಮಠ ಕಂಬಳಿ ತಬಲ ಸಾಥ್ ನೀಡಲಿದ್ದಾರೆ ಎಂದು ಶ್ರೀಮಠದ ಪೀಠಾಧಿಕಾರಿ ಶ್ರೀ ಸದಾಶಿವ ಮಹಾಸ್ವಾಮಿಗಳು ಪ್ರಕಟಣೆಯಲ್ಲಿ ಕೋರಿದ್ದಾರೆ.
ಸರ್ಕಾರಿ ಕೆಲಸ ದೇವರ ಕೆಲಸ
ಕಾರಟಗಿ : ಪುರಸಭೆಯಲ್ಲಿ ಅಧ್ಯಕ್ಷರು ಉಪಾಧ್ಯಕ್ಷರು ಹಾಗೂ ಸ್ಥಾಯಿ ಸಮಿತಿ ಸದಸ್ಯರುಗಳ ಪುರಸಭೆ ಕಾರ್ಯಾಲಯ, ಕಾರಟಗಿ ರವರ ಅಧ್ಯಕ್ಷತೆಯಲ್ಲಿ ಅಧಿಕಾರಿ ಹಾಗೂ ನೌಕರರ ಸಭೆ ಅಯೋಜಿಸಲಾಗಿತ್ತು. ಕಾರಟಗಿಯ ನೂತನ ಪುರಸಭಾ ಮುಖ್ಯ ಅಧಿಕಾರಿಯಾಗಿ ಅಗಮಿಸಿದ ಶ್ರೀ ಸುರೇಶ ಶೆಟ್ಟಿಯವರ ಸಭೆಯಲ್ಲಿ ಎಲ್ಲಾ ನೌಕರರು ಹಾಗೂ ಅಧಿಕಾರಿಗಳ ಪ್ರಥಮ ಸಭೆ ಇದಾಗಿದ್ದು, ಸಭೆಯಲ್ಲಿ ಪುರಸಭೆ ಅಧ್ಯಕ್ಷರಾದ ಶ್ರೀಮತಿ ರೇಖಾ ಆನೆಹೊಸೂರು, ಉಪಾಧ್ಯಕ್ಷ ಶ್ರೀ ಪಟ್ಟಣದ ಮತ್ತು ಸ್ಥಾಯಿ ಸಮಿತಿ ಅಧ್ಯಕ್ಷರು ಶ್ರೀ ಈರಣ್ಣ ಅವರು ಪಟ್ಟಣದ ಜನರಿಗೆ ಸಮಯಕ್ಕೆ ಸರಿಯಾಗಿ ಕೆಲಸ ಮಾಡಿಕೊಡಬೇಕು, ಸರ್ಕಾರಿ ಕೆಲಸ ದೇವರ ಕೆಲಸ ಎಂದು ತಿಳಿದು ಪ್ರಾಮಾಣಿಕವಾಗಿ ಕಾರ್ಯನಿರ್ವಹಿಸಬೇಕು ಎಂದು ಸೂಚಿಸಿದರು. ಈ ಸಂದರ್ಭದಲ್ಲಿ ಕಛೇರಿಯ ವ್ಯವಸ್ಥಾಪಕ ಪರಮೇಶ್ವರ್, ರಾಘವೇಂದ್ರ, ಆನಂದ್ ಕುಮಾರ್ ಕಿರಣ, ಮಲ್ಲಿಕಾರ್ಜುನ, ನಾಗರಾಜ್, ಹನುಮೇಶ, ಮಹೇಶ್, ಭಾಷಾಸಾಬ್, ವೆಂಕಟೇಶ್, ಸುಜಾತಾ, ಅಕ್ಕಮ್ಮ, ಮಲ್ಲಮ್ಮ, ಶಿವಾನಂದ, ನಾಗೇಶ್, ಸೇರಿದಂತೆ ಎಲ್ಲಾ ಪುರಸಭೆ ಸಿಬ್ಬಂದಿಗಳು ಹಾಜರಿದ್ದರು.
ರಾಷ್ಟ್ರೀಯ ವೈದ್ಯರ ದಿನಾಚರಣೆ ಹಾಗೂ ಪತ್ರಿಕಾ ದಿನಾಚರಣೆಯ ನಿಮಿತ್ಯ ಪತ್ರಕರ್ತರಿಗೆ ಸನ್ಮಾನ
ಕಾರಟಗಿ: ಶಾಲೆಯನ್ನೇ ಆಸ್ಪತ್ರೆ ಮಾದರಿಯಲ್ಲಿ ಮಾಡಿ ಪುಟ್ಟ ಕಂದಮ್ಮಗಳು ವಿವಿಧ ತಜ್ಞ ವೈದ್ಯರ ವೇಷಭೂಷಣಗಳಿಂದ ಮತ್ತು ಕೋವಿಡ್ ಸಂದರ್ಭದಲ್ಲಿ ವೈದ್ಯರು ಮತ್ತು ಶುಶ್ರೂಷಕರು ಮಾಡಿದ ಸೇವೆಯನ್ನು ನೆನಪಿಸುವಂತೆ ರಾಷ್ಟ್ರೀಯ ವೈದ್ಯರ ದಿನಾಚರಣೆಯನ್ನು ಆಚರಿಸಲಾಯಿತು. ಪಟ್ಟಣದ ಶಾಲೆಯಲ್ಲಿ ನಡೆದ ಕಾರ್ಯಕ್ರಮದಲ್ಲಿ ಪತ್ರಿಕಾ ದಿನಾಚರಣೆಯ ನಿಮಿತ್ಯ ಪತ್ರಕರ್ತರಿಗೆ ಸನ್ಮಾನ ಮಾಡಲಾಯಿತು. ಶಾಲೆಯ ಮುಖ್ಯೋಪಾಧ್ಯಾಯರು, ಶಿಕ್ಷಕರು ಹಾಗೂ ಪಾಲಕರು ಉಪಸ್ಥಿತರಿದ್ದರು. ಹಾಗೂ ಸ್ವಲ್ಪ ಸಮಯ ಸರ್ಕಾರಿ ಆಸ್ಪತ್ರೆಯ ವೈದ್ಯಾಧಿಕಾರಿಗಳು ಸಹ ಭಾಗವಹಿಸಿದ್ದರು. ಸಂದರ್ಭದಲ್ಲಿ ಶಾಲೆಯ ಶಿಕ್ಷಕರು ಹಾಗೂ ಸಿಬ್ಬಂದಿ ವರ್ಗದವರು ಹಾಜರಿದ್ದರು.
